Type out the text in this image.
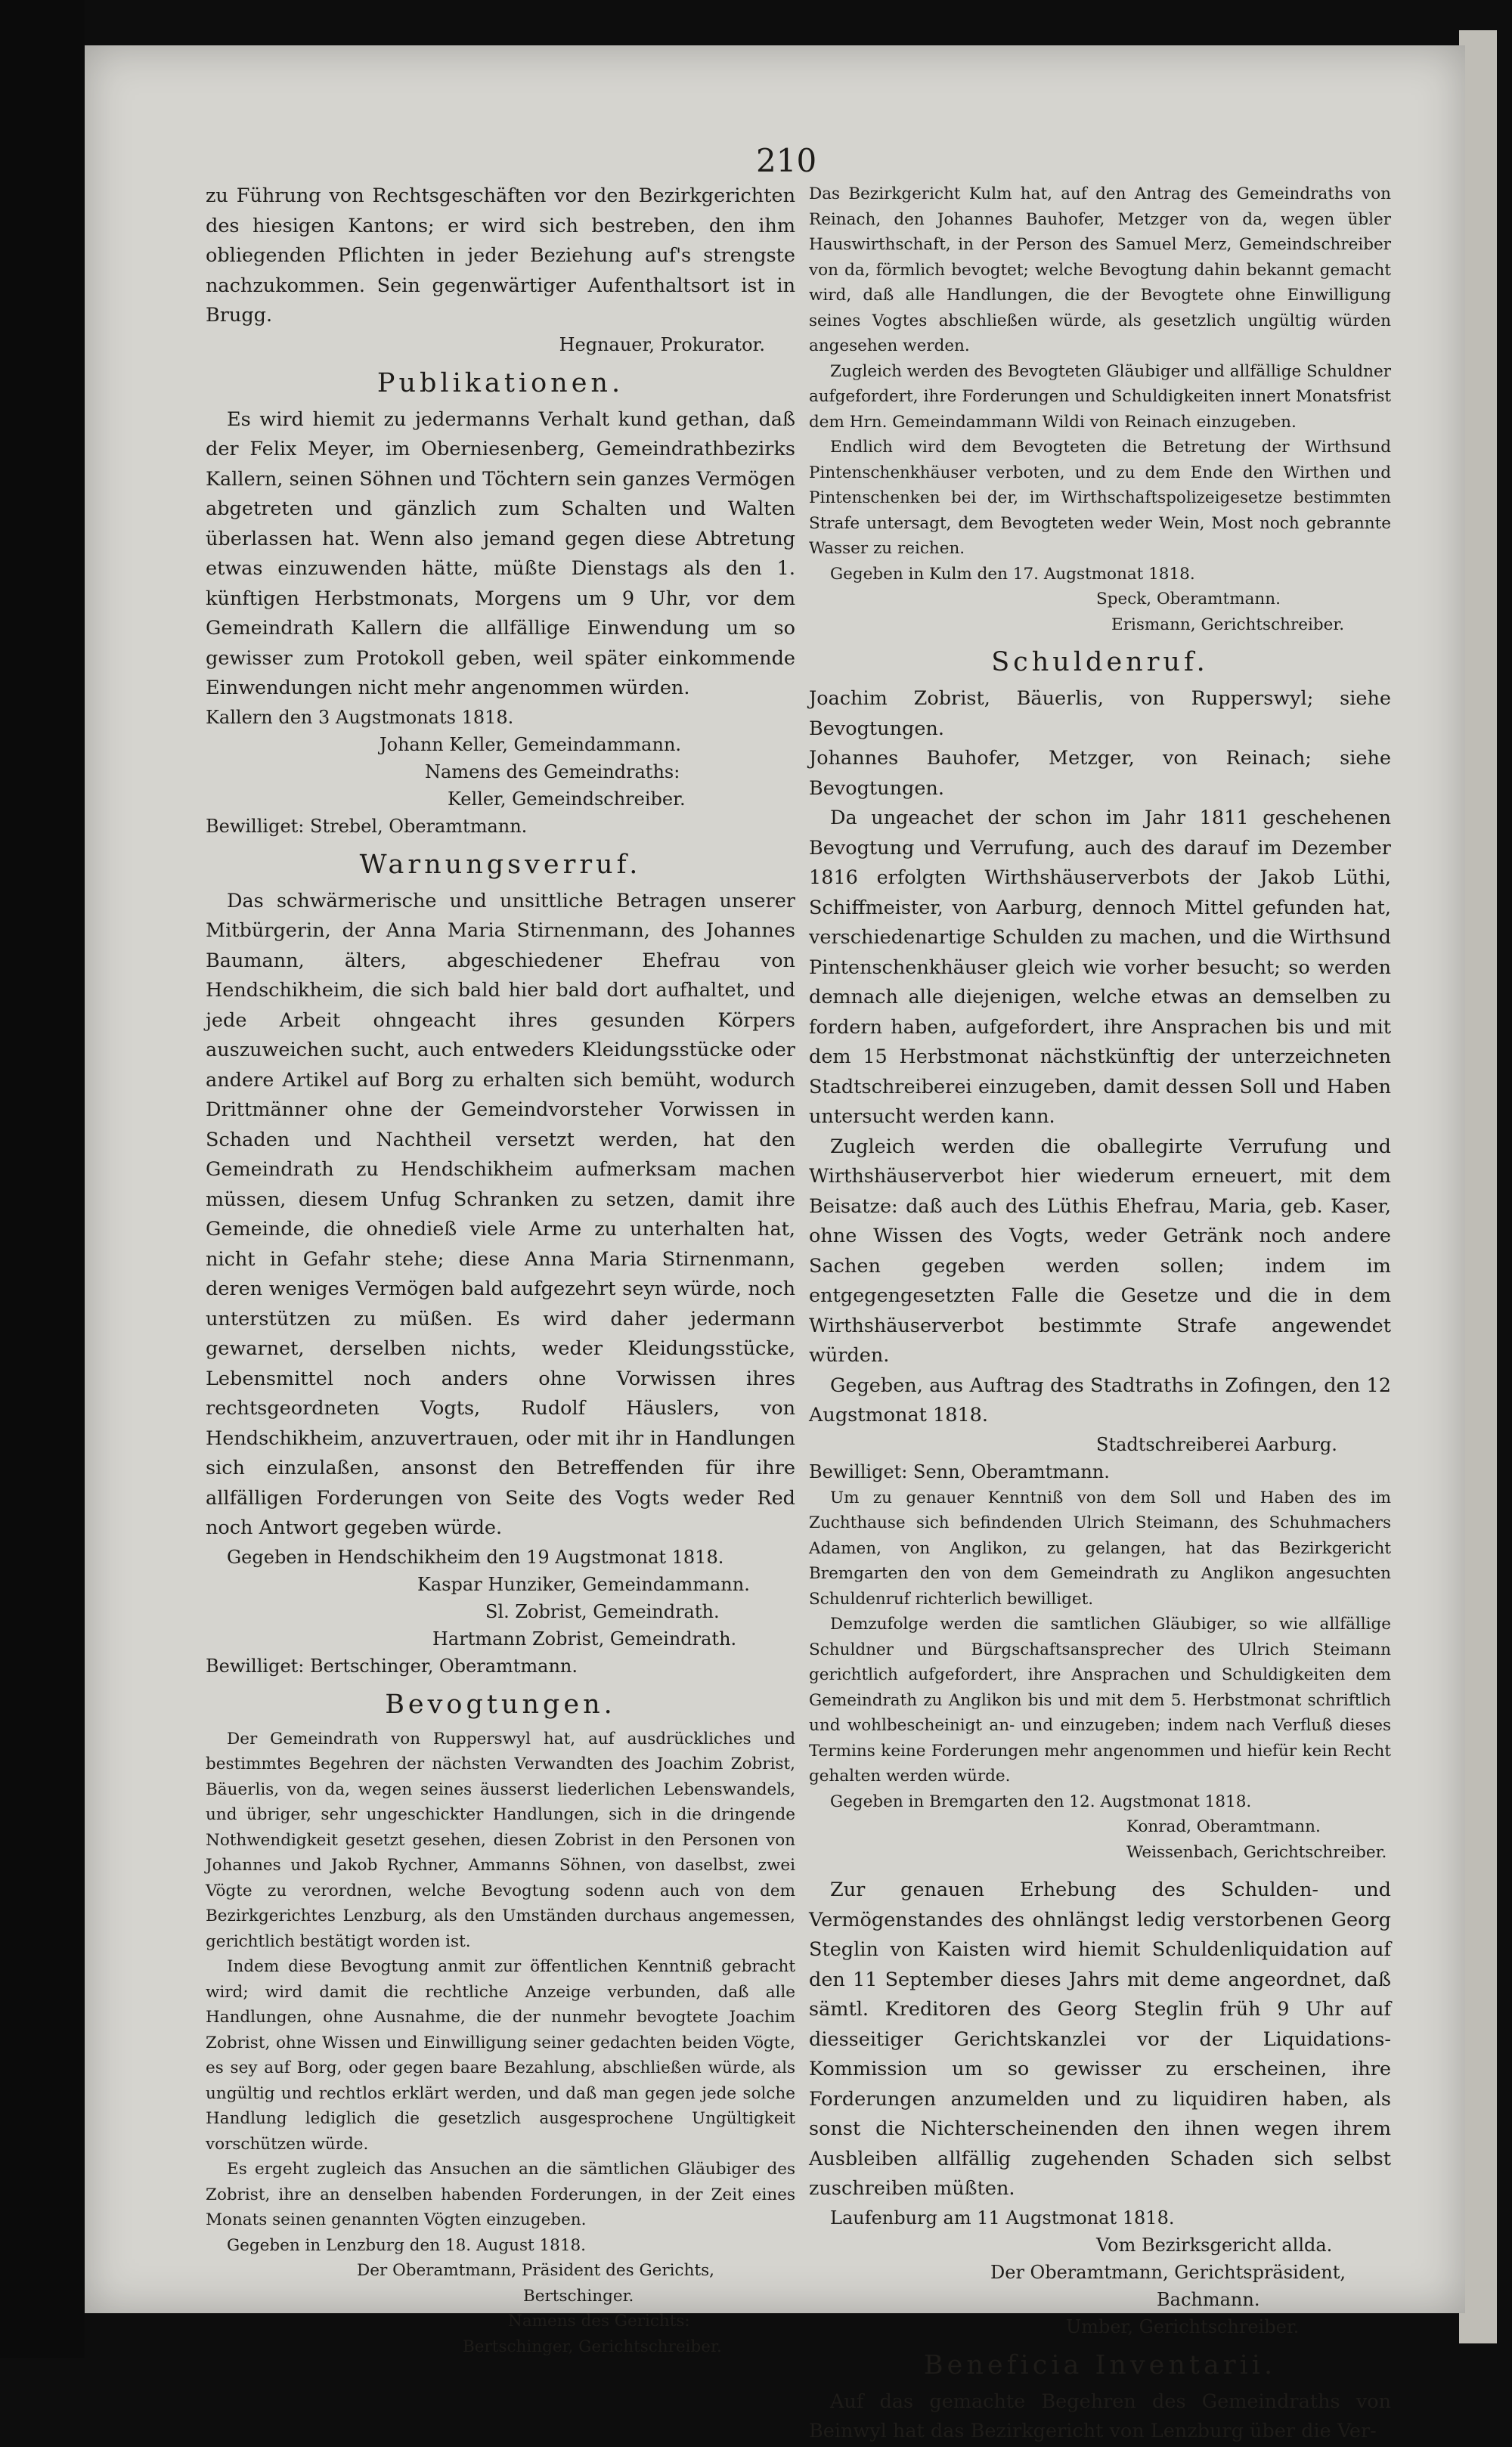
210

zu Führung von Rechtsgeschäften vor den Bezirkgerichten des hiesigen Kantons; er wird sich bestreben, den ihm obliegenden Pflichten in jeder Beziehung auf's strengste nachzukommen. Sein gegenwärtiger Aufenthaltsort ist in Brugg.

Hegnauer, Prokurator.

Publikationen.

Es wird hiemit zu jedermanns Verhalt kund gethan, daß der Felix Meyer, im Oberniesenberg, Gemeindrathbezirks Kallern, seinen Söhnen und Töchtern sein ganzes Vermögen abgetreten und gänzlich zum Schalten und Walten überlassen hat. Wenn also jemand gegen diese Abtretung etwas einzuwenden hätte, müßte Dienstags als den 1. künftigen Herbstmonats, Morgens um 9 Uhr, vor dem Gemeindrath Kallern die allfällige Einwendung um so gewisser zum Protokoll geben, weil später einkommende Einwendungen nicht mehr angenommen würden.

Kallern den 3 Augstmonats 1818.

Johann Keller, Gemeindammann.

Namens des Gemeindraths:

Keller, Gemeindschreiber.

Bewilliget: Strebel, Oberamtmann.

Warnungsverruf.

Das schwärmerische und unsittliche Betragen unserer Mitbürgerin, der Anna Maria Stirnenmann, des Johannes Baumann, älters, abgeschiedener Ehefrau von Hendschikheim, die sich bald hier bald dort aufhaltet, und jede Arbeit ohngeacht ihres gesunden Körpers auszuweichen sucht, auch entweders Kleidungsstücke oder andere Artikel auf Borg zu erhalten sich bemüht, wodurch Drittmänner ohne der Gemeindvorsteher Vorwissen in Schaden und Nachtheil versetzt werden, hat den Gemeindrath zu Hendschikheim aufmerksam machen müssen, diesem Unfug Schranken zu setzen, damit ihre Gemeinde, die ohnedieß viele Arme zu unterhalten hat, nicht in Gefahr stehe; diese Anna Maria Stirnenmann, deren weniges Vermögen bald aufgezehrt seyn würde, noch unterstützen zu müßen. Es wird daher jedermann gewarnet, derselben nichts, weder Kleidungsstücke, Lebensmittel noch anders ohne Vorwissen ihres rechtsgeordneten Vogts, Rudolf Häuslers, von Hendschikheim, anzuvertrauen, oder mit ihr in Handlungen sich einzulaßen, ansonst den Betreffenden für ihre allfälligen Forderungen von Seite des Vogts weder Red noch Antwort gegeben würde.

Gegeben in Hendschikheim den 19 Augstmonat 1818.

Kaspar Hunziker, Gemeindammann.

Sl. Zobrist, Gemeindrath.

Hartmann Zobrist, Gemeindrath.

Bewilliget: Bertschinger, Oberamtmann.

Bevogtungen.

Der Gemeindrath von Rupperswyl hat, auf ausdrückliches und bestimmtes Begehren der nächsten Verwandten des Joachim Zobrist, Bäuerlis, von da, wegen seines äusserst liederlichen Lebenswandels, und übriger, sehr ungeschickter Handlungen, sich in die dringende Nothwendigkeit gesetzt gesehen, diesen Zobrist in den Personen von Johannes und Jakob Rychner, Ammanns Söhnen, von daselbst, zwei Vögte zu verordnen, welche Bevogtung sodenn auch von dem Bezirkgerichtes Lenzburg, als den Umständen durchaus angemessen, gerichtlich bestätigt worden ist.

Indem diese Bevogtung anmit zur öffentlichen Kenntniß gebracht wird; wird damit die rechtliche Anzeige verbunden, daß alle Handlungen, ohne Ausnahme, die der nunmehr bevogtete Joachim Zobrist, ohne Wissen und Einwilligung seiner gedachten beiden Vögte, es sey auf Borg, oder gegen baare Bezahlung, abschließen würde, als ungültig und rechtlos erklärt werden, und daß man gegen jede solche Handlung lediglich die gesetzlich ausgesprochene Ungültigkeit vorschützen würde.

Es ergeht zugleich das Ansuchen an die sämtlichen Gläubiger des Zobrist, ihre an denselben habenden Forderungen, in der Zeit eines Monats seinen genannten Vögten einzugeben.

Gegeben in Lenzburg den 18. August 1818.

Der Oberamtmann, Präsident des Gerichts,

Bertschinger.

Namens des Gerichts:

Bertschinger, Gerichtschreiber.

Das Bezirkgericht Kulm hat, auf den Antrag des Gemeindraths von Reinach, den Johannes Bauhofer, Metzger von da, wegen übler Hauswirthschaft, in der Person des Samuel Merz, Gemeindschreiber von da, förmlich bevogtet; welche Bevogtung dahin bekannt gemacht wird, daß alle Handlungen, die der Bevogtete ohne Einwilligung seines Vogtes abschließen würde, als gesetzlich ungültig würden angesehen werden.

Zugleich werden des Bevogteten Gläubiger und allfällige Schuldner aufgefordert, ihre Forderungen und Schuldigkeiten innert Monatsfrist dem Hrn. Gemeindammann Wildi von Reinach einzugeben.

Endlich wird dem Bevogteten die Betretung der Wirthsund Pintenschenkhäuser verboten, und zu dem Ende den Wirthen und Pintenschenken bei der, im Wirthschaftspolizeigesetze bestimmten Strafe untersagt, dem Bevogteten weder Wein, Most noch gebrannte Wasser zu reichen.

Gegeben in Kulm den 17. Augstmonat 1818.

Speck, Oberamtmann.

Erismann, Gerichtschreiber.

Schuldenruf.

Joachim Zobrist, Bäuerlis, von Rupperswyl; siehe Bevogtungen.

Johannes Bauhofer, Metzger, von Reinach; siehe Bevogtungen.

Da ungeachet der schon im Jahr 1811 geschehenen Bevogtung und Verrufung, auch des darauf im Dezember 1816 erfolgten Wirthshäuserverbots der Jakob Lüthi, Schiffmeister, von Aarburg, dennoch Mittel gefunden hat, verschiedenartige Schulden zu machen, und die Wirthsund Pintenschenkhäuser gleich wie vorher besucht; so werden demnach alle diejenigen, welche etwas an demselben zu fordern haben, aufgefordert, ihre Ansprachen bis und mit dem 15 Herbstmonat nächstkünftig der unterzeichneten Stadtschreiberei einzugeben, damit dessen Soll und Haben untersucht werden kann.

Zugleich werden die oballegirte Verrufung und Wirthshäuserverbot hier wiederum erneuert, mit dem Beisatze: daß auch des Lüthis Ehefrau, Maria, geb. Kaser, ohne Wissen des Vogts, weder Getränk noch andere Sachen gegeben werden sollen; indem im entgegengesetzten Falle die Gesetze und die in dem Wirthshäuserverbot bestimmte Strafe angewendet würden.

Gegeben, aus Auftrag des Stadtraths in Zofingen, den 12 Augstmonat 1818.

Stadtschreiberei Aarburg.

Bewilliget: Senn, Oberamtmann.

Um zu genauer Kenntniß von dem Soll und Haben des im Zuchthause sich befindenden Ulrich Steimann, des Schuhmachers Adamen, von Anglikon, zu gelangen, hat das Bezirkgericht Bremgarten den von dem Gemeindrath zu Anglikon angesuchten Schuldenruf richterlich bewilliget.

Demzufolge werden die samtlichen Gläubiger, so wie allfällige Schuldner und Bürgschaftsansprecher des Ulrich Steimann gerichtlich aufgefordert, ihre Ansprachen und Schuldigkeiten dem Gemeindrath zu Anglikon bis und mit dem 5. Herbstmonat schriftlich und wohlbescheinigt an- und einzugeben; indem nach Verfluß dieses Termins keine Forderungen mehr angenommen und hiefür kein Recht gehalten werden würde.

Gegeben in Bremgarten den 12. Augstmonat 1818.

Konrad, Oberamtmann.

Weissenbach, Gerichtschreiber.

Zur genauen Erhebung des Schulden- und Vermögenstandes des ohnlängst ledig verstorbenen Georg Steglin von Kaisten wird hiemit Schuldenliquidation auf den 11 September dieses Jahrs mit deme angeordnet, daß sämtl. Kreditoren des Georg Steglin früh 9 Uhr auf diesseitiger Gerichtskanzlei vor der Liquidations-Kommission um so gewisser zu erscheinen, ihre Forderungen anzumelden und zu liquidiren haben, als sonst die Nichterscheinenden den ihnen wegen ihrem Ausbleiben allfällig zugehenden Schaden sich selbst zuschreiben müßten.

Laufenburg am 11 Augstmonat 1818.

Vom Bezirksgericht allda.

Der Oberamtmann, Gerichtspräsident,

Bachmann.

Umber, Gerichtschreiber.

Beneficia Inventarii.

Auf das gemachte Begehren des Gemeindraths von Beinwyl hat das Bezirkgericht von Lenzburg über die Ver-
